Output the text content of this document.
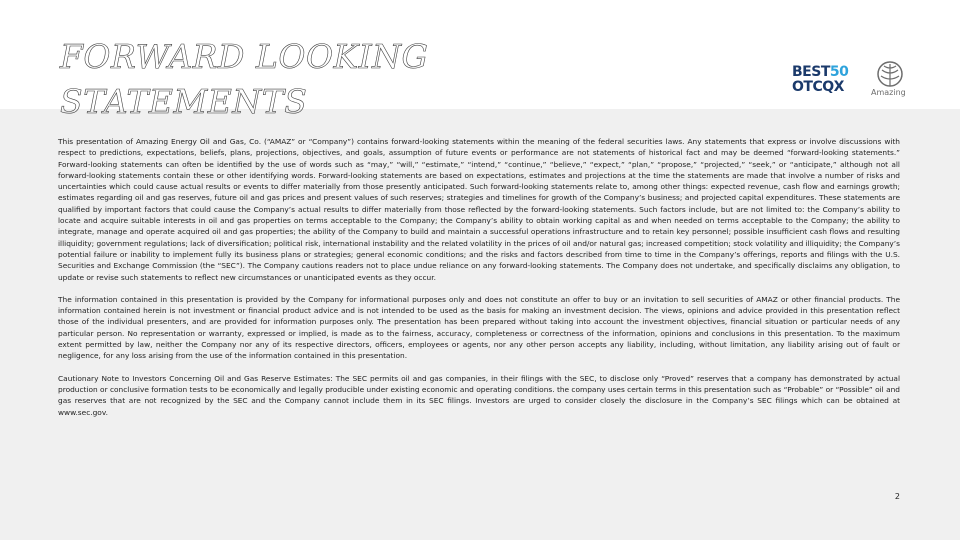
FORWARD LOOKING STATEMENTS
BEST50
OTCQX	Amazing

This presentation of Amazing Energy Oil and Gas, Co. (“AMAZ” or “Company”) contains forward-looking statements within the meaning of the federal securities laws. Any statements that express or involve discussions with respect to predictions, expectations, beliefs, plans, projections, objectives, and goals, assumption of future events or performance are not statements of historical fact and may be deemed “forward-looking statements.” Forward-looking statements can often be identified by the use of words such as “may,” “will,” “estimate,” “intend,” “continue,” “believe,” “expect,” “plan,” “propose,” “projected,” “seek,” or “anticipate,” although not all forward-looking statements contain these or other identifying words. Forward-looking statements are based on expectations, estimates and projections at the time the statements are made that involve a number of risks and uncertainties which could cause actual results or events to differ materially from those presently anticipated. Such forward-looking statements relate to, among other things: expected revenue, cash flow and earnings growth; estimates regarding oil and gas reserves, future oil and gas prices and present values of such reserves; strategies and timelines for growth of the Company’s business; and projected capital expenditures. These statements are qualified by important factors that could cause the Company’s actual results to differ materially from those reflected by the forward-looking statements. Such factors include, but are not limited to: the Company’s ability to locate and acquire suitable interests in oil and gas properties on terms acceptable to the Company; the Company’s ability to obtain working capital as and when needed on terms acceptable to the Company; the ability to integrate, manage and operate acquired oil and gas properties; the ability of the Company to build and maintain a successful operations infrastructure and to retain key personnel; possible insufficient cash flows and resulting illiquidity; government regulations; lack of diversification; political risk, international instability and the related volatility in the prices of oil and/or natural gas; increased competition; stock volatility and illiquidity; the Company’s potential failure or inability to implement fully its business plans or strategies; general economic conditions; and the risks and factors described from time to time in the Company’s offerings, reports and filings with the U.S. Securities and Exchange Commission (the “SEC”). The Company cautions readers not to place undue reliance on any forward-looking statements. The Company does not undertake, and specifically disclaims any obligation, to update or revise such statements to reflect new circumstances or unanticipated events as they occur.

The information contained in this presentation is provided by the Company for informational purposes only and does not constitute an offer to buy or an invitation to sell securities of AMAZ or other financial products. The information contained herein is not investment or financial product advice and is not intended to be used as the basis for making an investment decision. The views, opinions and advice provided in this presentation reflect those of the individual presenters, and are provided for information purposes only. The presentation has been prepared without taking into account the investment objectives, financial situation or particular needs of any particular person. No representation or warranty, expressed or implied, is made as to the fairness, accuracy, completeness or correctness of the information, opinions and conclusions in this presentation. To the maximum extent permitted by law, neither the Company nor any of its respective directors, officers, employees or agents, nor any other person accepts any liability, including, without limitation, any liability arising out of fault or negligence, for any loss arising from the use of the information contained in this presentation.

Cautionary Note to Investors Concerning Oil and Gas Reserve Estimates: The SEC permits oil and gas companies, in their filings with the SEC, to disclose only “Proved” reserves that a company has demonstrated by actual production or conclusive formation tests to be economically and legally producible under existing economic and operating conditions. the company uses certain terms in this presentation such as “Probable” or “Possible” oil and gas reserves that are not recognized by the SEC and the Company cannot include them in its SEC filings. Investors are urged to consider closely the disclosure in the Company’s SEC filings which can be obtained at www.sec.gov.

2
